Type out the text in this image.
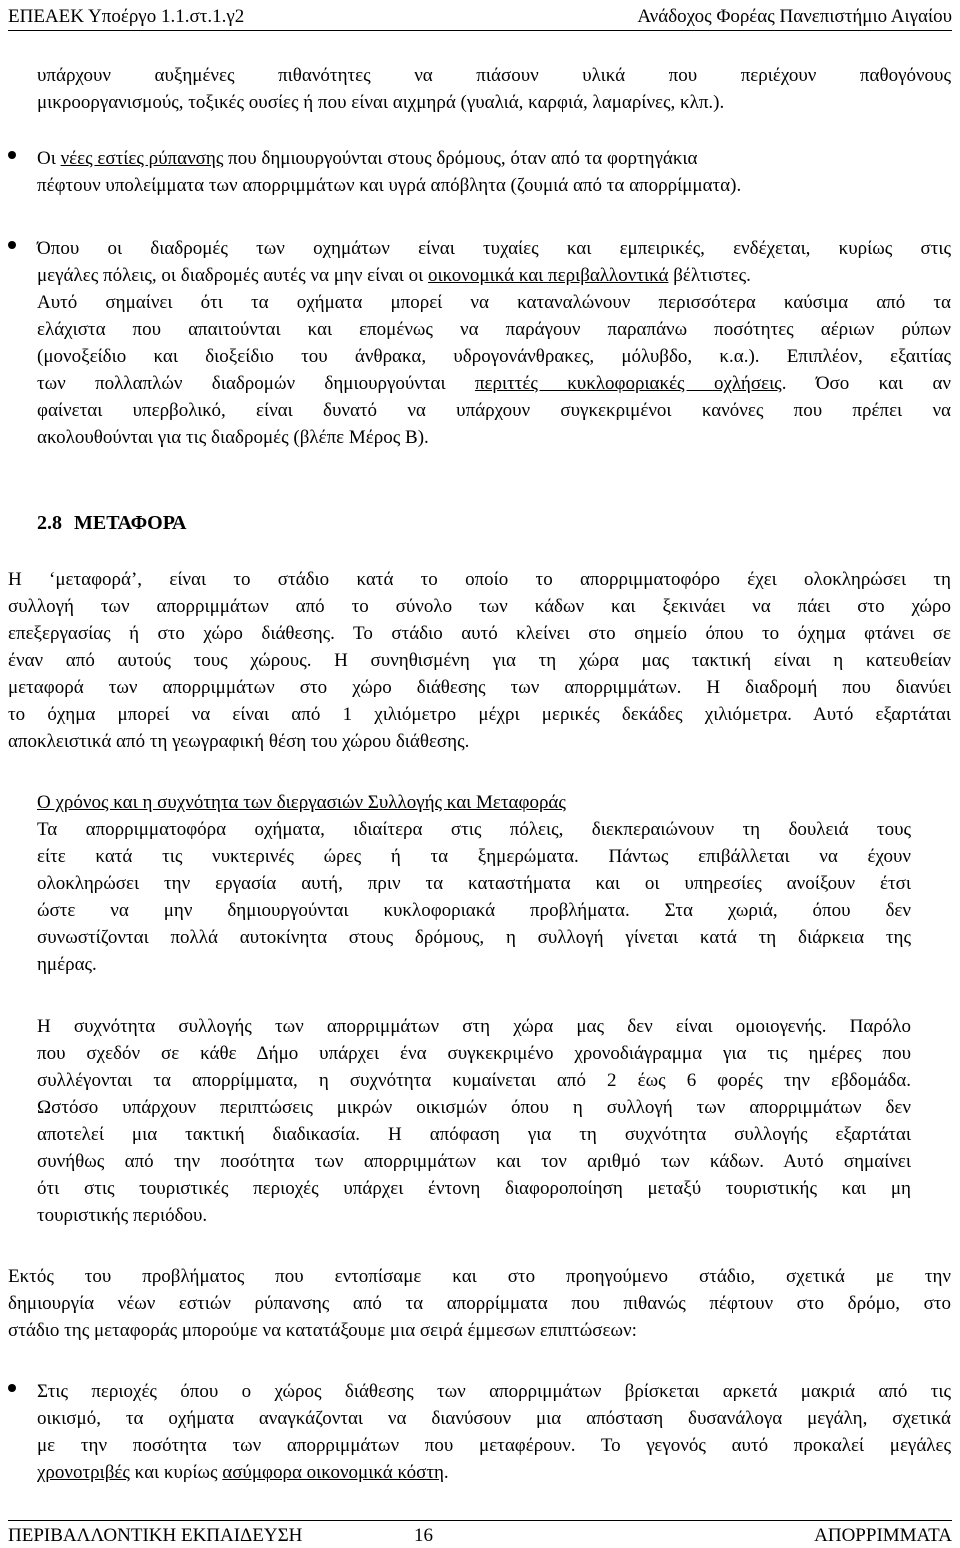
ΕΠΕΑΕΚ Υποέργο 1.1.στ.1.γ2	Ανάδοχος Φορέας Πανεπιστήμιο Αιγαίου
υπάρχουν αυξημένες πιθανότητες να πιάσουν υλικά που περιέχουν παθογόνους
μικροοργανισμούς, τοξικές ουσίες ή που είναι αιχμηρά (γυαλιά, καρφιά, λαμαρίνες, κλπ.).
Οι νέες εστίες ρύπανσης που δημιουργούνται στους δρόμους, όταν από τα φορτηγάκια
πέφτουν υπολείμματα των απορριμμάτων και υγρά απόβλητα (ζουμιά από τα απορρίμματα).
Όπου οι διαδρομές των οχημάτων είναι τυχαίες και εμπειρικές, ενδέχεται, κυρίως στις
μεγάλες πόλεις, οι διαδρομές αυτές να μην είναι οι οικονομικά και περιβαλλοντικά βέλτιστες.
Αυτό σημαίνει ότι τα οχήματα μπορεί να καταναλώνουν περισσότερα καύσιμα από τα
ελάχιστα που απαιτούνται και επομένως να παράγουν παραπάνω ποσότητες αέριων ρύπων
(μονοξείδιο και διοξείδιο του άνθρακα, υδρογονάνθρακες, μόλυβδο, κ.α.). Επιπλέον, εξαιτίας
των πολλαπλών διαδρομών δημιουργούνται περιττές κυκλοφοριακές οχλήσεις. Όσο και αν
φαίνεται υπερβολικό, είναι δυνατό να υπάρχουν συγκεκριμένοι κανόνες που πρέπει να
ακολουθούνται για τις διαδρομές (βλέπε Μέρος Β).
2.8 ΜΕΤΑΦΟΡΑ
Η ‘μεταφορά’, είναι το στάδιο κατά το οποίο το απορριμματοφόρο έχει ολοκληρώσει τη
συλλογή των απορριμμάτων από το σύνολο των κάδων και ξεκινάει να πάει στο χώρο
επεξεργασίας ή στο χώρο διάθεσης. Το στάδιο αυτό κλείνει στο σημείο όπου το όχημα φτάνει σε
έναν από αυτούς τους χώρους. Η συνηθισμένη για τη χώρα μας τακτική είναι η κατευθείαν
μεταφορά των απορριμμάτων στο χώρο διάθεσης των απορριμμάτων. Η διαδρομή που διανύει
το όχημα μπορεί να είναι από 1 χιλιόμετρο μέχρι μερικές δεκάδες χιλιόμετρα. Αυτό εξαρτάται
αποκλειστικά από τη γεωγραφική θέση του χώρου διάθεσης.
Ο χρόνος και η συχνότητα των διεργασιών Συλλογής και Μεταφοράς
Τα απορριμματοφόρα οχήματα, ιδιαίτερα στις πόλεις, διεκπεραιώνουν τη δουλειά τους
είτε κατά τις νυκτερινές ώρες ή τα ξημερώματα. Πάντως επιβάλλεται να έχουν
ολοκληρώσει την εργασία αυτή, πριν τα καταστήματα και οι υπηρεσίες ανοίξουν έτσι
ώστε να μην δημιουργούνται κυκλοφοριακά προβλήματα. Στα χωριά, όπου δεν
συνωστίζονται πολλά αυτοκίνητα στους δρόμους, η συλλογή γίνεται κατά τη διάρκεια της
ημέρας.
Η συχνότητα συλλογής των απορριμμάτων στη χώρα μας δεν είναι ομοιογενής. Παρόλο
που σχεδόν σε κάθε Δήμο υπάρχει ένα συγκεκριμένο χρονοδιάγραμμα για τις ημέρες που
συλλέγονται τα απορρίμματα, η συχνότητα κυμαίνεται από 2 έως 6 φορές την εβδομάδα.
Ωστόσο υπάρχουν περιπτώσεις μικρών οικισμών όπου η συλλογή των απορριμμάτων δεν
αποτελεί μια τακτική διαδικασία. Η απόφαση για τη συχνότητα συλλογής εξαρτάται
συνήθως από την ποσότητα των απορριμμάτων και τον αριθμό των κάδων. Αυτό σημαίνει
ότι στις τουριστικές περιοχές υπάρχει έντονη διαφοροποίηση μεταξύ τουριστικής και μη
τουριστικής περιόδου.
Εκτός του προβλήματος που εντοπίσαμε και στο προηγούμενο στάδιο, σχετικά με την
δημιουργία νέων εστιών ρύπανσης από τα απορρίμματα που πιθανώς πέφτουν στο δρόμο, στο
στάδιο της μεταφοράς μπορούμε να κατατάξουμε μια σειρά έμμεσων επιπτώσεων:
Στις περιοχές όπου ο χώρος διάθεσης των απορριμμάτων βρίσκεται αρκετά μακριά από τις
οικισμό, τα οχήματα αναγκάζονται να διανύσουν μια απόσταση δυσανάλογα μεγάλη, σχετικά
με την ποσότητα των απορριμμάτων που μεταφέρουν. Το γεγονός αυτό προκαλεί μεγάλες
χρονοτριβές και κυρίως ασύμφορα οικονομικά κόστη.
ΠΕΡΙΒΑΛΛΟΝΤΙΚΗ ΕΚΠΑΙΔΕΥΣΗ	16	ΑΠΟΡΡΙΜΜΑΤΑ
